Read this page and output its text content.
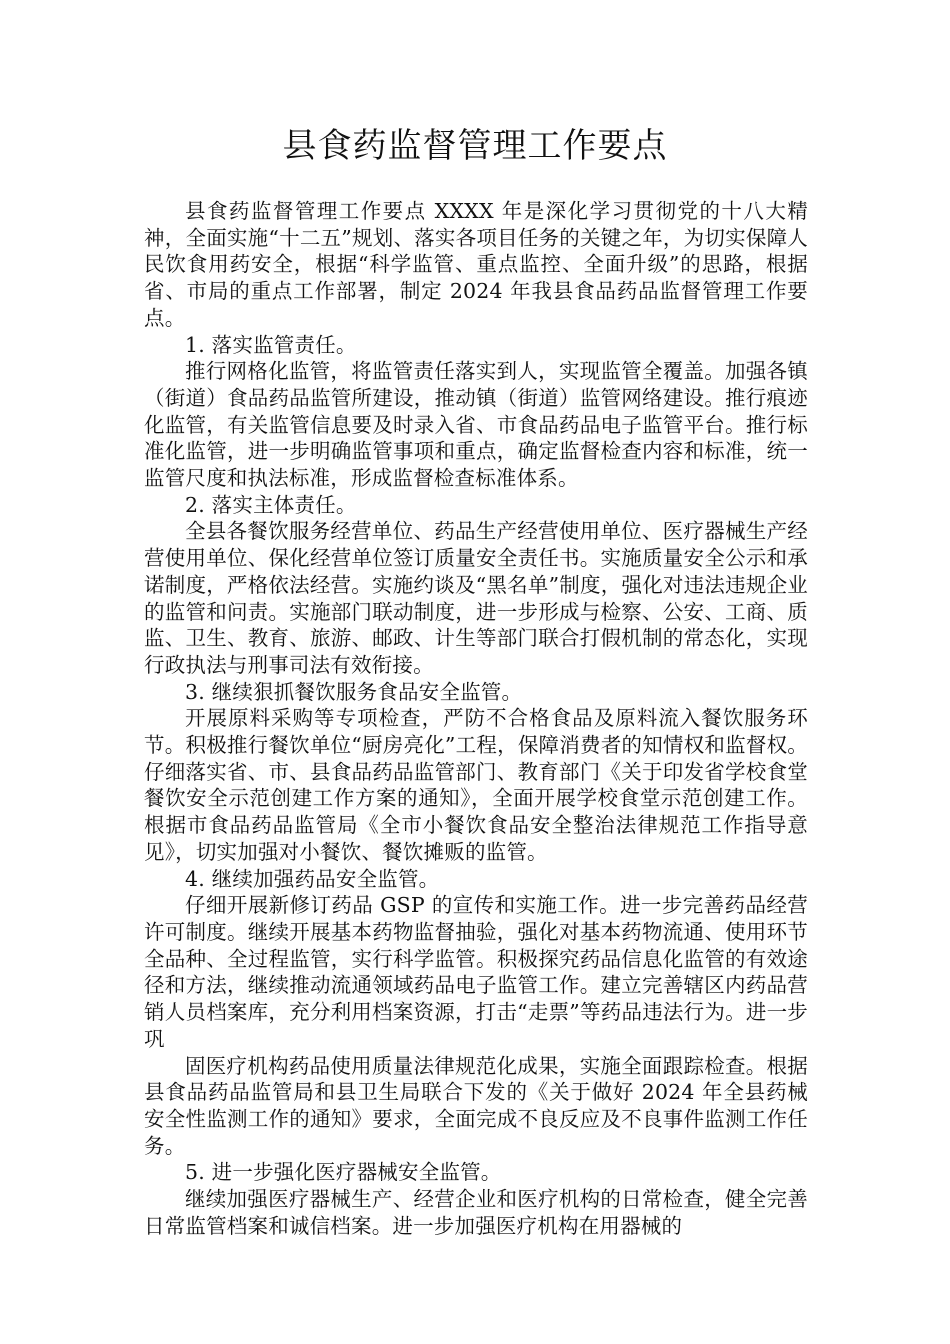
县食药监督管理工作要点

县食药监督管理工作要点 XXXX 年是深化学习贯彻党的十八大精神，全面实施“十二五”规划、落实各项目任务的关键之年，为切实保障人民饮食用药安全，根据“科学监管、重点监控、全面升级”的思路，根据省、市局的重点工作部署，制定 2024 年我县食品药品监督管理工作要点。

1. 落实监管责任。

推行网格化监管，将监管责任落实到人，实现监管全覆盖。加强各镇（街道）食品药品监管所建设，推动镇（街道）监管网络建设。推行痕迹化监管，有关监管信息要及时录入省、市食品药品电子监管平台。推行标准化监管，进一步明确监管事项和重点，确定监督检查内容和标准，统一监管尺度和执法标准，形成监督检查标准体系。

2. 落实主体责任。

全县各餐饮服务经营单位、药品生产经营使用单位、医疗器械生产经营使用单位、保化经营单位签订质量安全责任书。实施质量安全公示和承诺制度，严格依法经营。实施约谈及“黑名单”制度，强化对违法违规企业的监管和问责。实施部门联动制度，进一步形成与检察、公安、工商、质监、卫生、教育、旅游、邮政、计生等部门联合打假机制的常态化，实现行政执法与刑事司法有效衔接。

3. 继续狠抓餐饮服务食品安全监管。

开展原料采购等专项检查，严防不合格食品及原料流入餐饮服务环节。积极推行餐饮单位“厨房亮化”工程，保障消费者的知情权和监督权。仔细落实省、市、县食品药品监管部门、教育部门《关于印发省学校食堂餐饮安全示范创建工作方案的通知》，全面开展学校食堂示范创建工作。根据市食品药品监管局《全市小餐饮食品安全整治法律规范工作指导意见》，切实加强对小餐饮、餐饮摊贩的监管。

4. 继续加强药品安全监管。

仔细开展新修订药品 GSP 的宣传和实施工作。进一步完善药品经营许可制度。继续开展基本药物监督抽验，强化对基本药物流通、使用环节全品种、全过程监管，实行科学监管。积极探究药品信息化监管的有效途径和方法，继续推动流通领域药品电子监管工作。建立完善辖区内药品营销人员档案库，充分利用档案资源，打击“走票”等药品违法行为。进一步巩

固医疗机构药品使用质量法律规范化成果，实施全面跟踪检查。根据县食品药品监管局和县卫生局联合下发的《关于做好 2024 年全县药械安全性监测工作的通知》要求，全面完成不良反应及不良事件监测工作任务。

5. 进一步强化医疗器械安全监管。

继续加强医疗器械生产、经营企业和医疗机构的日常检查，健全完善日常监管档案和诚信档案。进一步加强医疗机构在用器械的
